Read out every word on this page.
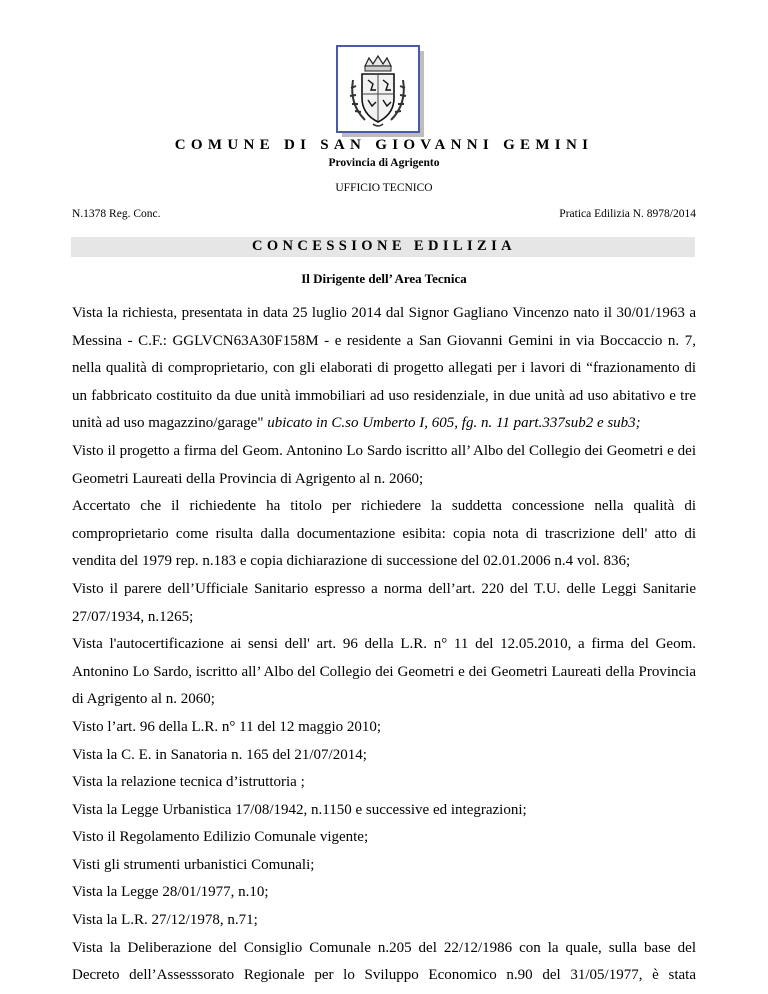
COMUNE DI SAN GIOVANNI GEMINI
Provincia di Agrigento
UFFICIO TECNICO
N.1378 Reg. Conc.	Pratica Edilizia N. 8978/2014
CONCESSIONE EDILIZIA
Il Dirigente dell’ Area Tecnica

Vista la richiesta, presentata in data 25 luglio 2014 dal Signor Gagliano Vincenzo nato il 30/01/1963 a Messina - C.F.: GGLVCN63A30F158M - e residente a San Giovanni Gemini in via Boccaccio n. 7, nella qualità di comproprietario, con gli elaborati di progetto allegati per i lavori di “frazionamento di un fabbricato costituito da due unità immobiliari ad uso residenziale, in due unità ad uso abitativo e tre unità ad uso magazzino/garage" ubicato in C.so Umberto I, 605, fg. n. 11 part.337sub2 e sub3;

Visto il progetto a firma del Geom. Antonino Lo Sardo iscritto all’ Albo del Collegio dei Geometri e dei Geometri Laureati della Provincia di Agrigento al n. 2060;

Accertato che il richiedente ha titolo per richiedere la suddetta concessione nella qualità di comproprietario come risulta dalla documentazione esibita: copia nota di trascrizione dell' atto di vendita del 1979 rep. n.183 e copia dichiarazione di successione del 02.01.2006 n.4 vol. 836;

Visto il parere dell’Ufficiale Sanitario espresso a norma dell’art. 220 del T.U. delle Leggi Sanitarie 27/07/1934, n.1265;

Vista l'autocertificazione ai sensi dell' art. 96 della L.R. n° 11 del 12.05.2010, a firma del Geom. Antonino Lo Sardo, iscritto all’ Albo del Collegio dei Geometri e dei Geometri Laureati della Provincia di Agrigento al n. 2060;

Visto l’art. 96 della L.R. n° 11 del 12 maggio 2010;

Vista la C. E. in Sanatoria n. 165 del 21/07/2014;

Vista la relazione tecnica d’istruttoria ;

Vista la Legge Urbanistica 17/08/1942, n.1150 e successive ed integrazioni;

Visto il Regolamento Edilizio Comunale vigente;

Visti gli strumenti urbanistici Comunali;

Vista la Legge 28/01/1977, n.10;

Vista la L.R. 27/12/1978, n.71;

Vista la Deliberazione del Consiglio Comunale n.205 del 22/12/1986 con la quale, sulla base del Decreto dell’Assesssorato Regionale per lo Sviluppo Economico n.90 del 31/05/1977, è stata
